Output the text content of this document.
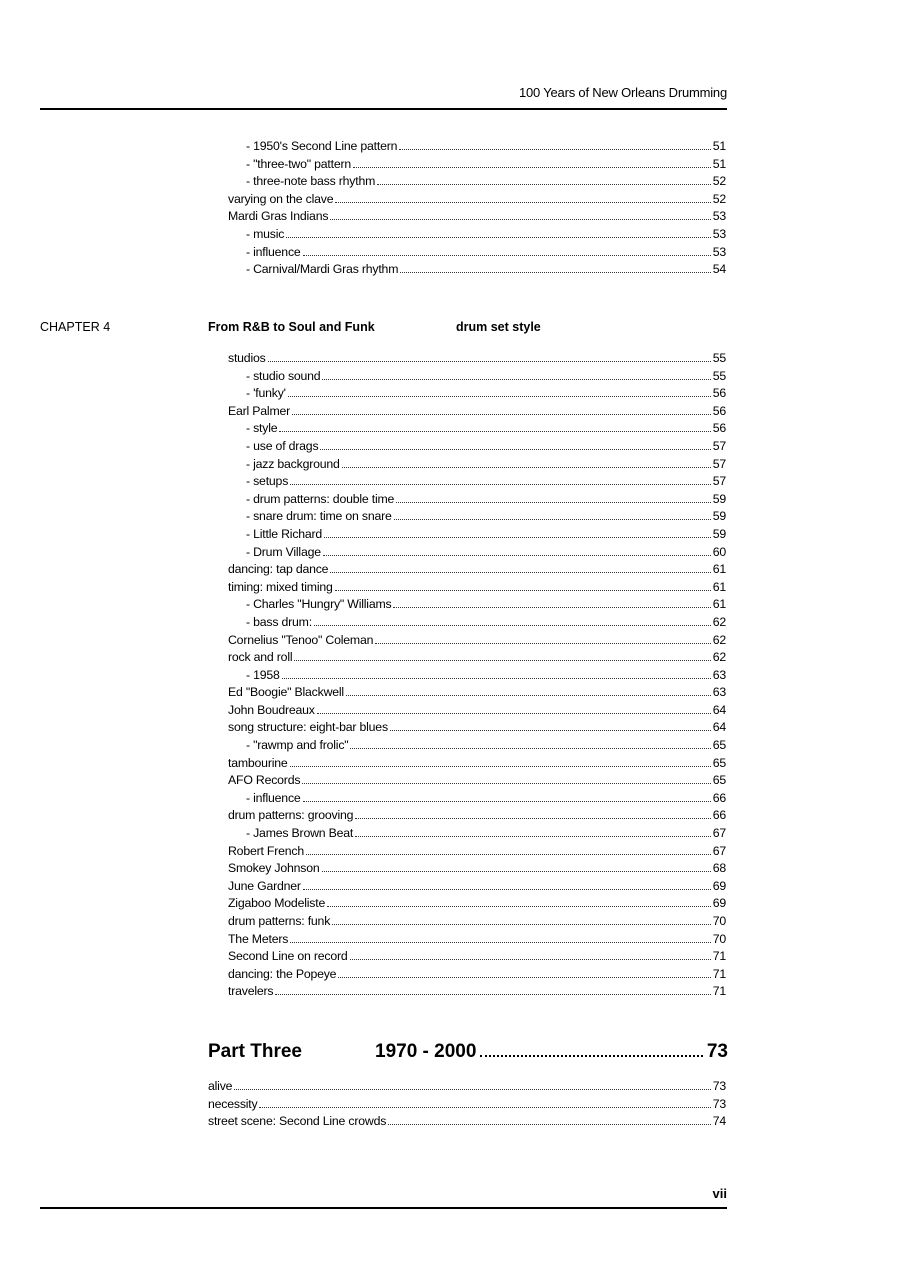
100 Years of New Orleans Drumming
- 1950's Second Line pattern	51
- "three-two" pattern	51
- three-note bass rhythm	52
varying on the clave	52
Mardi Gras Indians	53
- music	53
- influence	53
- Carnival/Mardi Gras rhythm	54
CHAPTER 4	From R&B to Soul and Funk	drum set style
studios	55
- studio sound	55
- 'funky'	56
Earl Palmer	56
- style	56
- use of drags	57
- jazz background	57
- setups	57
- drum patterns: double time	59
- snare drum: time on snare	59
- Little Richard	59
- Drum Village	60
dancing: tap dance	61
timing: mixed timing	61
- Charles "Hungry" Williams	61
- bass drum:	62
Cornelius "Tenoo" Coleman	62
rock and roll	62
- 1958	63
Ed "Boogie" Blackwell	63
John Boudreaux	64
song structure: eight-bar blues	64
- "rawmp and frolic"	65
tambourine	65
AFO Records	65
- influence	66
drum patterns: grooving	66
- James Brown Beat	67
Robert French	67
Smokey Johnson	68
June Gardner	69
Zigaboo Modeliste	69
drum patterns: funk	70
The Meters	70
Second Line on record	71
dancing: the Popeye	71
travelers	71
Part Three	1970 - 2000	73
alive	73
necessity	73
street scene: Second Line crowds	74
vii
